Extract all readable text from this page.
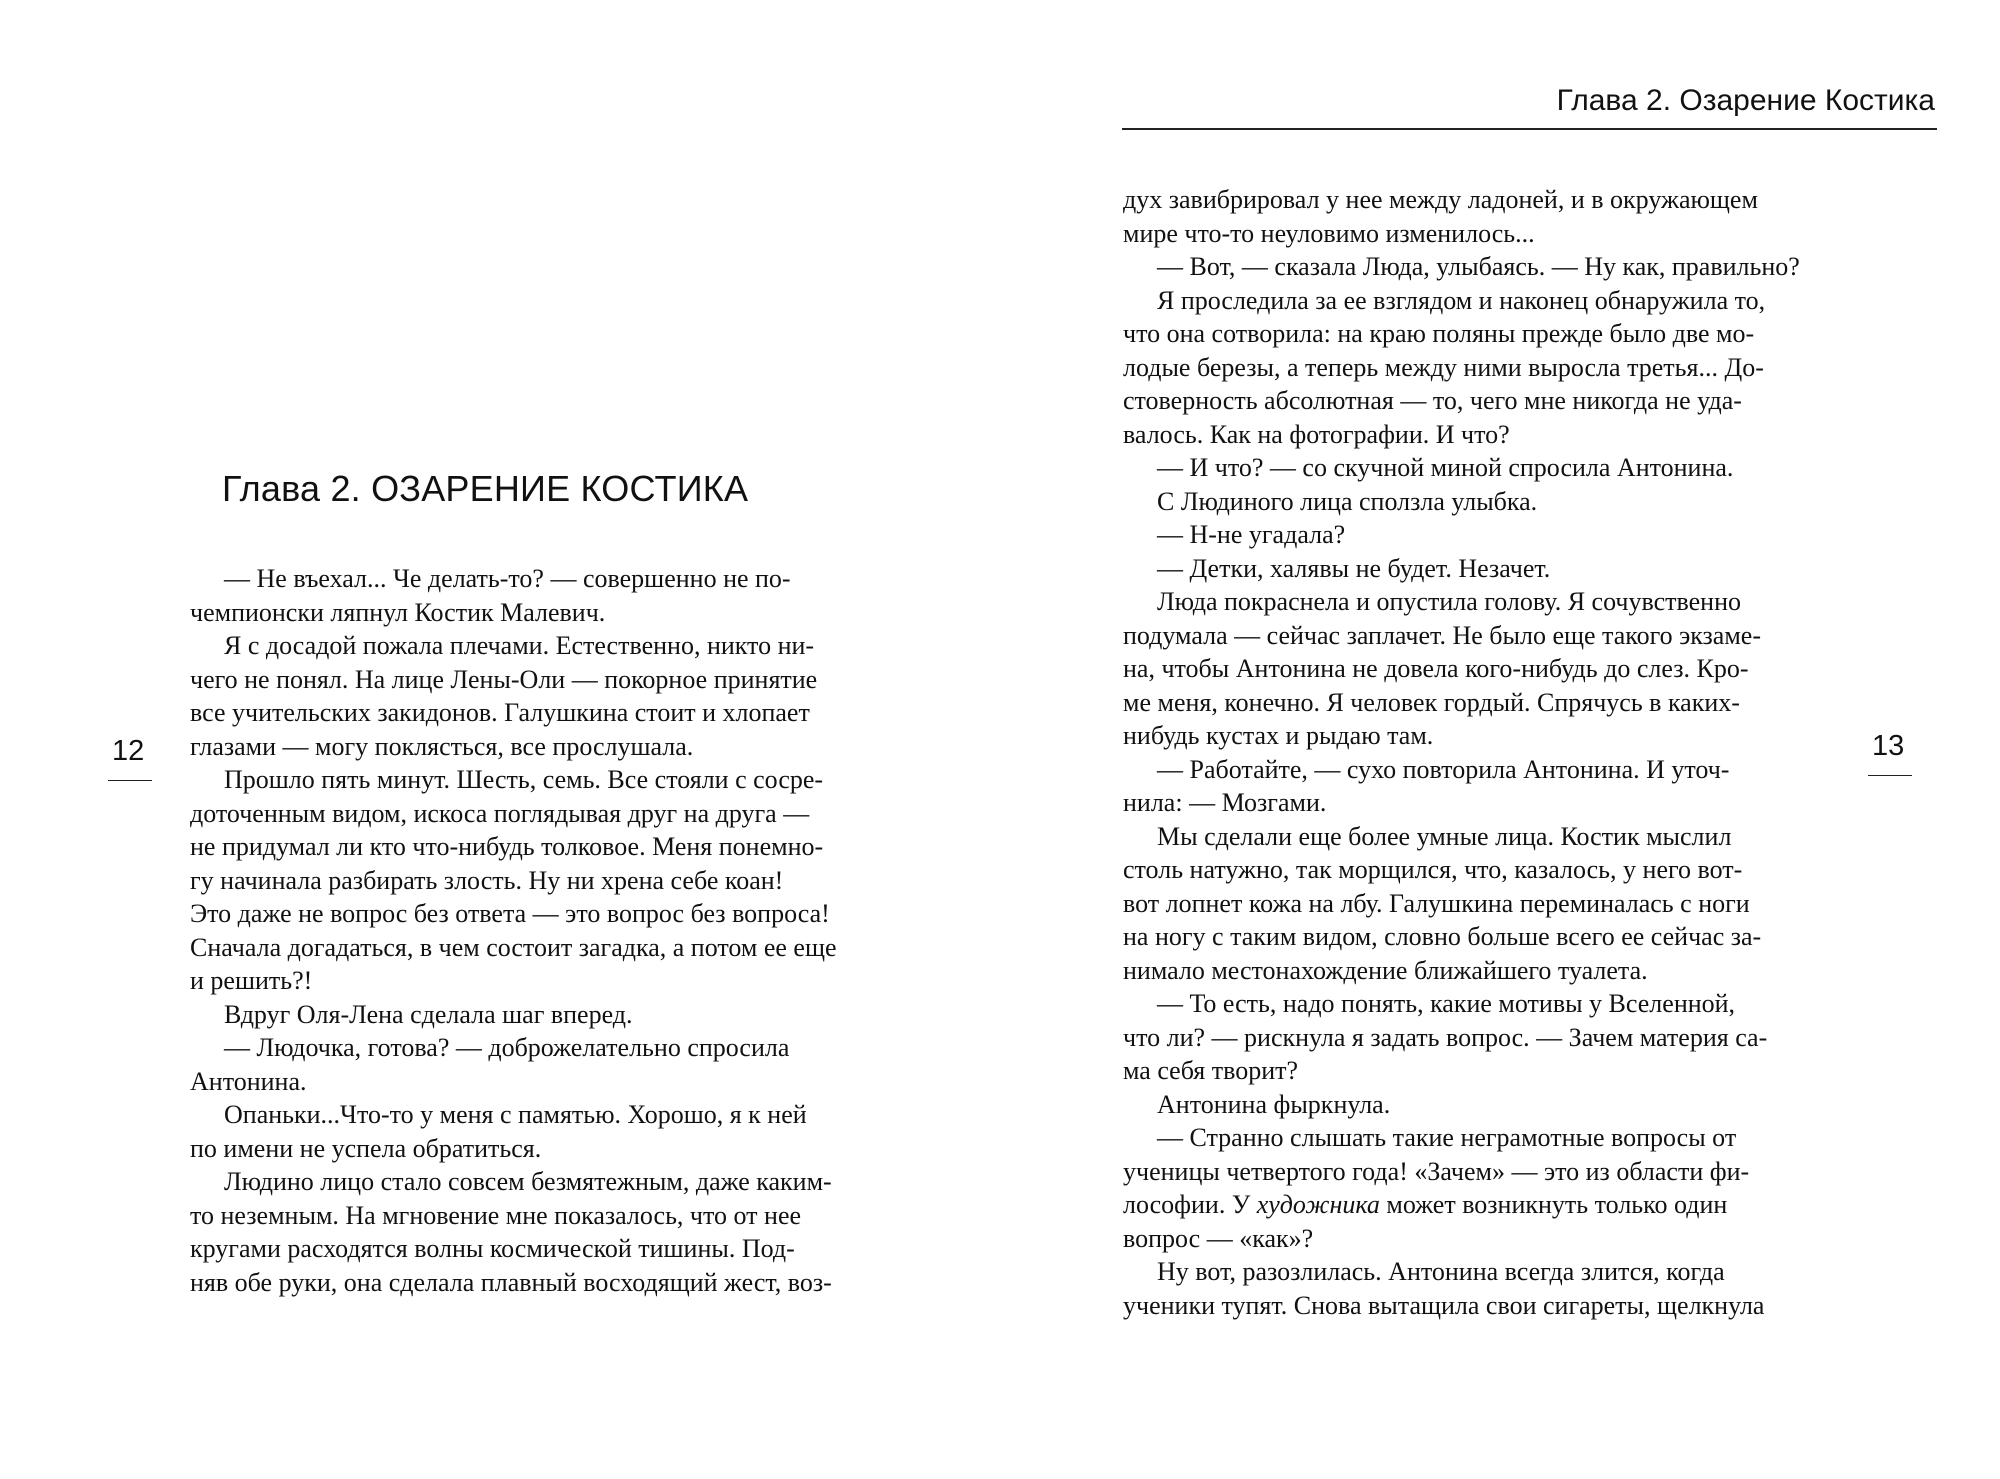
Глава 2. ОЗАРЕНИЕ КОСТИКА

— Не въехал... Че делать-то? — совершенно не по-
чемпионски ляпнул Костик Малевич.

Я с досадой пожала плечами. Естественно, никто ни-
чего не понял. На лице Лены-Оли — покорное принятие
все учительских закидонов. Галушкина стоит и хлопает
глазами — могу поклясться, все прослушала.

Прошло пять минут. Шесть, семь. Все стояли с сосре-
доточенным видом, искоса поглядывая друг на друга —
не придумал ли кто что-нибудь толковое. Меня понемно-
гу начинала разбирать злость. Ну ни хрена себе коан!
Это даже не вопрос без ответа — это вопрос без вопроса!
Сначала догадаться, в чем состоит загадка, а потом ее еще
и решить?!

Вдруг Оля-Лена сделала шаг вперед.

— Людочка, готова? — доброжелательно спросила
Антонина.

Опаньки...Что-то у меня с памятью. Хорошо, я к ней
по имени не успела обратиться.

Людино лицо стало совсем безмятежным, даже каким-
то неземным. На мгновение мне показалось, что от нее
кругами расходятся волны космической тишины. Под-
няв обе руки, она сделала плавный восходящий жест, воз-

12
Глава 2. Озарение Костика

дух завибрировал у нее между ладоней, и в окружающем
мире что-то неуловимо изменилось...

— Вот, — сказала Люда, улыбаясь. — Ну как, правильно?

Я проследила за ее взглядом и наконец обнаружила то,
что она сотворила: на краю поляны прежде было две мо-
лодые березы, а теперь между ними выросла третья... До-
стоверность абсолютная — то, чего мне никогда не уда-
валось. Как на фотографии. И что?

— И что? — со скучной миной спросила Антонина.

С Людиного лица сползла улыбка.

— Н-не угадала?

— Детки, халявы не будет. Незачет.

Люда покраснела и опустила голову. Я сочувственно
подумала — сейчас заплачет. Не было еще такого экзаме-
на, чтобы Антонина не довела кого-нибудь до слез. Кро-
ме меня, конечно. Я человек гордый. Спрячусь в каких-
нибудь кустах и рыдаю там.

— Работайте, — сухо повторила Антонина. И уточ-
нила: — Мозгами.

Мы сделали еще более умные лица. Костик мыслил
столь натужно, так морщился, что, казалось, у него вот-
вот лопнет кожа на лбу. Галушкина переминалась с ноги
на ногу с таким видом, словно больше всего ее сейчас за-
нимало местонахождение ближайшего туалета.

— То есть, надо понять, какие мотивы у Вселенной,
что ли? — рискнула я задать вопрос. — Зачем материя са-
ма себя творит?

Антонина фыркнула.

— Странно слышать такие неграмотные вопросы от
ученицы четвертого года! «Зачем» — это из области фи-
лософии. У художника может возникнуть только один
вопрос — «как»?

Ну вот, разозлилась. Антонина всегда злится, когда
ученики тупят. Снова вытащила свои сигареты, щелкнула

13
